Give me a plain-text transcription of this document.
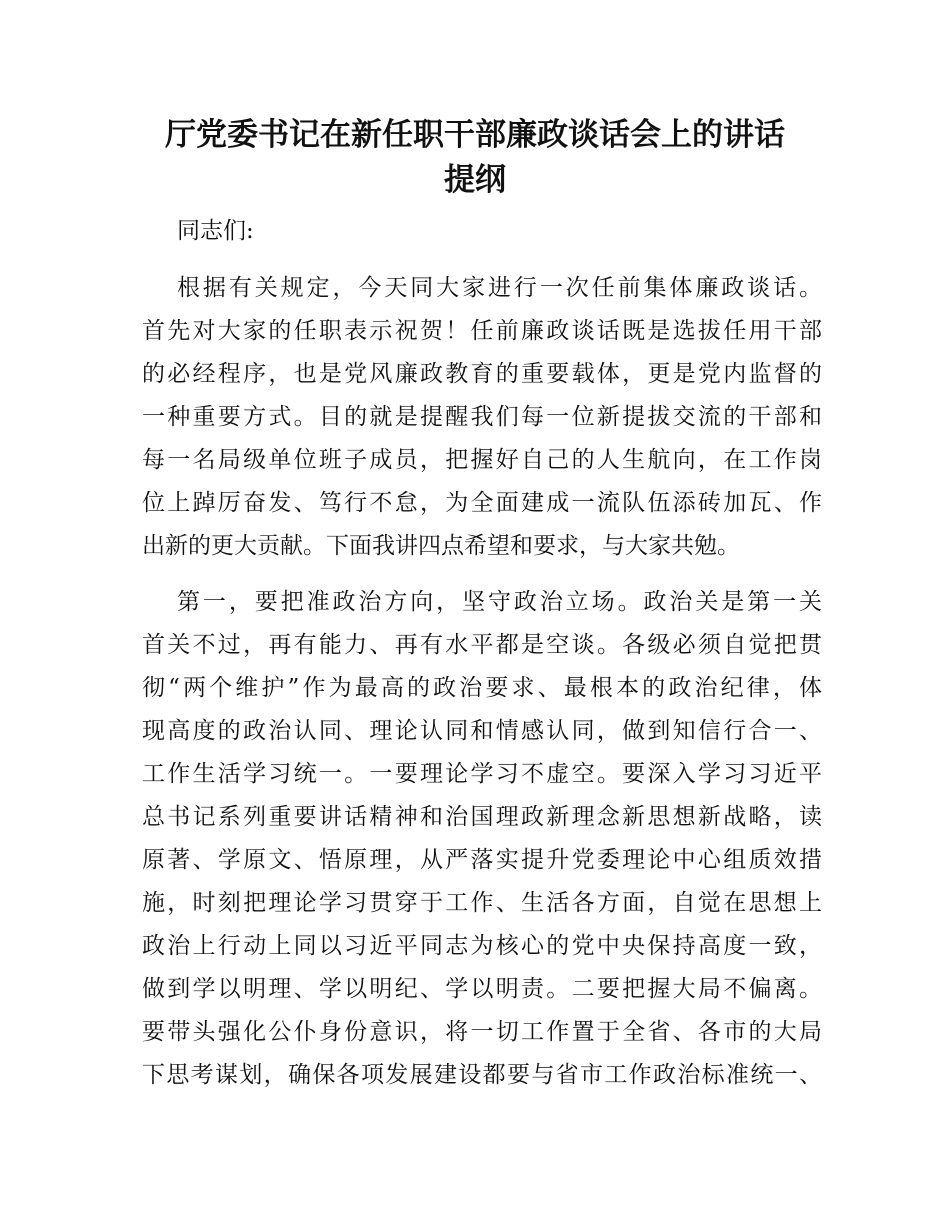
厅党委书记在新任职干部廉政谈话会上的讲话
提纲
同志们:
根据有关规定，今天同大家进行一次任前集体廉政谈话。
首先对大家的任职表示祝贺！任前廉政谈话既是选拔任用干部
的必经程序，也是党风廉政教育的重要载体，更是党内监督的
一种重要方式。目的就是提醒我们每一位新提拔交流的干部和
每一名局级单位班子成员，把握好自己的人生航向，在工作岗
位上踔厉奋发、笃行不怠，为全面建成一流队伍添砖加瓦、作
出新的更大贡献。下面我讲四点希望和要求，与大家共勉。
第一，要把准政治方向，坚守政治立场。政治关是第一关
首关不过，再有能力、再有水平都是空谈。各级必须自觉把贯
彻“两个维护”作为最高的政治要求、最根本的政治纪律，体
现高度的政治认同、理论认同和情感认同，做到知信行合一、
工作生活学习统一。一要理论学习不虚空。要深入学习习近平
总书记系列重要讲话精神和治国理政新理念新思想新战略，读
原著、学原文、悟原理，从严落实提升党委理论中心组质效措
施，时刻把理论学习贯穿于工作、生活各方面，自觉在思想上
政治上行动上同以习近平同志为核心的党中央保持高度一致，
做到学以明理、学以明纪、学以明责。二要把握大局不偏离。
要带头强化公仆身份意识，将一切工作置于全省、各市的大局
下思考谋划，确保各项发展建设都要与省市工作政治标准统一、
